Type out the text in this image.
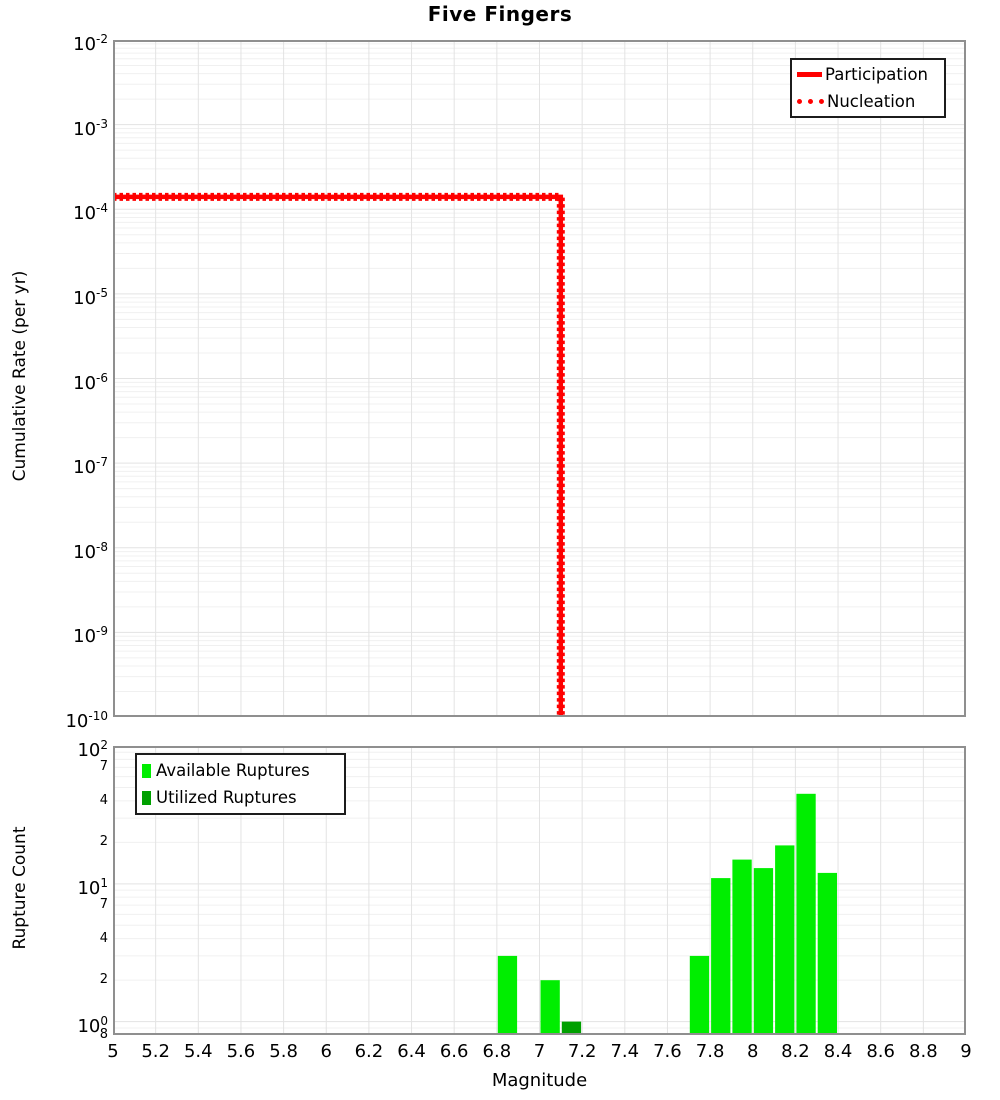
Five Fingers
Cumulative Rate (per yr)
Rupture Count
Magnitude
$10^{-2}$
$10^{-3}$
$10^{-4}$
$10^{-5}$
$10^{-6}$
$10^{-7}$
$10^{-8}$
$10^{-9}$
$10^{-10}$
$10^2$
$10^1$
$10^0$
7
4
2
7
4
2
8
5	5.2 5.4 5.6 5.8	6	6.2 6.4 6.6 6.8	7	7.2 7.4 7.6 7.8	8	8.2 8.4 8.6 8.8	9
Participation
Nucleation
Available Ruptures
Utilized Ruptures
